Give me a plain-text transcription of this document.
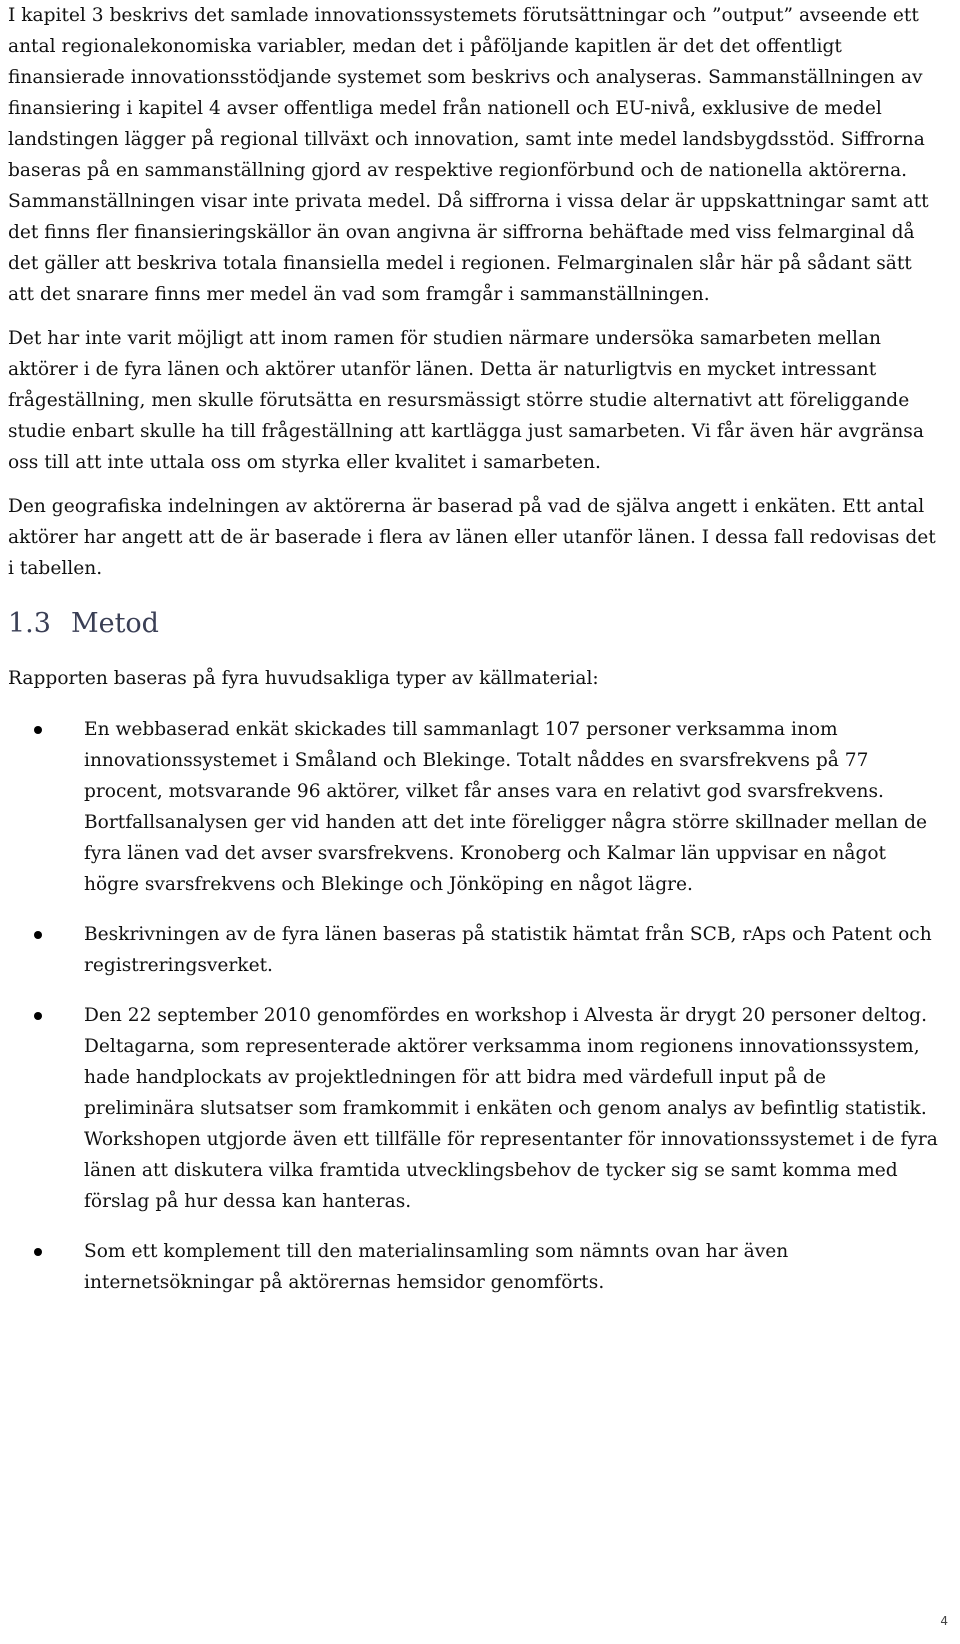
I kapitel 3 beskrivs det samlade innovationssystemets förutsättningar och ”output” avseende ett antal regionalekonomiska variabler, medan det i påföljande kapitlen är det det offentligt finansierade innovationsstödjande systemet som beskrivs och analyseras. Sammanställningen av finansiering i kapitel 4 avser offentliga medel från nationell och EU-nivå, exklusive de medel landstingen lägger på regional tillväxt och innovation, samt inte medel landsbygdsstöd. Siffrorna baseras på en sammanställning gjord av respektive regionförbund och de nationella aktörerna. Sammanställningen visar inte privata medel. Då siffrorna i vissa delar är uppskattningar samt att det finns fler finansieringskällor än ovan angivna är siffrorna behäftade med viss felmarginal då det gäller att beskriva totala finansiella medel i regionen. Felmarginalen slår här på sådant sätt att det snarare finns mer medel än vad som framgår i sammanställningen.

Det har inte varit möjligt att inom ramen för studien närmare undersöka samarbeten mellan aktörer i de fyra länen och aktörer utanför länen. Detta är naturligtvis en mycket intressant frågeställning, men skulle förutsätta en resursmässigt större studie alternativt att föreliggande studie enbart skulle ha till frågeställning att kartlägga just samarbeten. Vi får även här avgränsa oss till att inte uttala oss om styrka eller kvalitet i samarbeten.

Den geografiska indelningen av aktörerna är baserad på vad de själva angett i enkäten. Ett antal aktörer har angett att de är baserade i flera av länen eller utanför länen. I dessa fall redovisas det i tabellen.

1.3 Metod

Rapporten baseras på fyra huvudsakliga typer av källmaterial:

En webbaserad enkät skickades till sammanlagt 107 personer verksamma inom innovationssystemet i Småland och Blekinge. Totalt nåddes en svarsfrekvens på 77 procent, motsvarande 96 aktörer, vilket får anses vara en relativt god svarsfrekvens. Bortfallsanalysen ger vid handen att det inte föreligger några större skillnader mellan de fyra länen vad det avser svarsfrekvens. Kronoberg och Kalmar län uppvisar en något högre svarsfrekvens och Blekinge och Jönköping en något lägre.
Beskrivningen av de fyra länen baseras på statistik hämtat från SCB, rAps och Patent och registreringsverket.
Den 22 september 2010 genomfördes en workshop i Alvesta är drygt 20 personer deltog. Deltagarna, som representerade aktörer verksamma inom regionens innovationssystem, hade handplockats av projektledningen för att bidra med värdefull input på de preliminära slutsatser som framkommit i enkäten och genom analys av befintlig statistik. Workshopen utgjorde även ett tillfälle för representanter för innovationssystemet i de fyra länen att diskutera vilka framtida utvecklingsbehov de tycker sig se samt komma med förslag på hur dessa kan hanteras.
Som ett komplement till den materialinsamling som nämnts ovan har även internetsökningar på aktörernas hemsidor genomförts.
4
